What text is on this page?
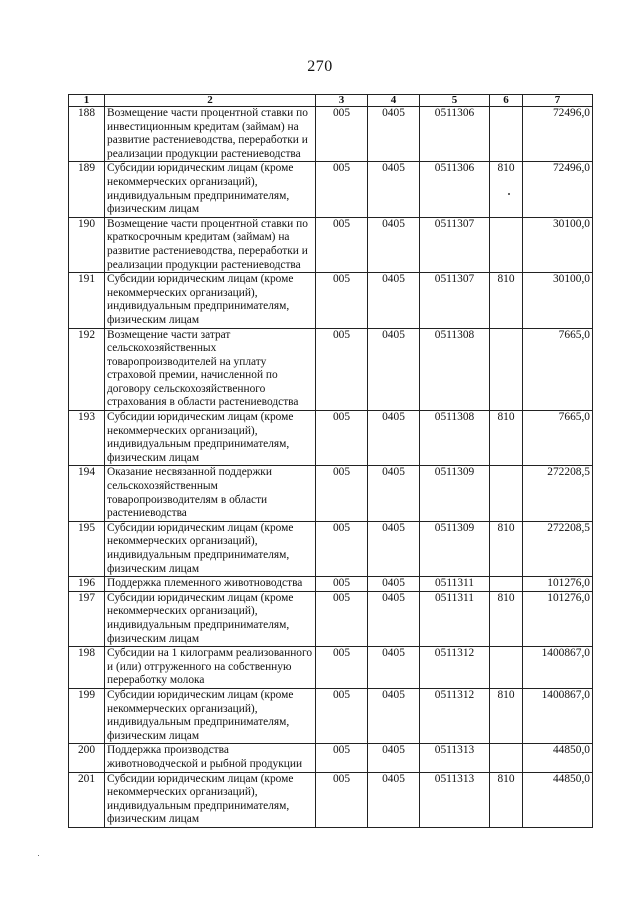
270
1	2	3	4	5	6	7
188	Возмещение части процентной ставки по инвестиционным кредитам (займам) на развитие растениеводства, переработки и реализации продукции растениеводства	005	0405	0511306		72496,0
189	Субсидии юридическим лицам (кроме некоммерческих организаций), индивидуальным предпринимателям, физическим лицам	005	0405	0511306	810	72496,0
190	Возмещение части процентной ставки по краткосрочным кредитам (займам) на развитие растениеводства, переработки и реализации продукции растениеводства	005	0405	0511307		30100,0
191	Субсидии юридическим лицам (кроме некоммерческих организаций), индивидуальным предпринимателям, физическим лицам	005	0405	0511307	810	30100,0
192	Возмещение части затрат сельскохозяйственных товаропроизводителей на уплату страховой премии, начисленной по договору сельскохозяйственного страхования в области растениеводства	005	0405	0511308		7665,0
193	Субсидии юридическим лицам (кроме некоммерческих организаций), индивидуальным предпринимателям, физическим лицам	005	0405	0511308	810	7665,0
194	Оказание несвязанной поддержки сельскохозяйственным товаропроизводителям в области растениеводства	005	0405	0511309		272208,5
195	Субсидии юридическим лицам (кроме некоммерческих организаций), индивидуальным предпринимателям, физическим лицам	005	0405	0511309	810	272208,5
196	Поддержка племенного животноводства	005	0405	0511311		101276,0
197	Субсидии юридическим лицам (кроме некоммерческих организаций), индивидуальным предпринимателям, физическим лицам	005	0405	0511311	810	101276,0
198	Субсидии на 1 килограмм реализованного и (или) отгруженного на собственную переработку молока	005	0405	0511312		1400867,0
199	Субсидии юридическим лицам (кроме некоммерческих организаций), индивидуальным предпринимателям, физическим лицам	005	0405	0511312	810	1400867,0
200	Поддержка производства животноводческой и рыбной продукции	005	0405	0511313		44850,0
201	Субсидии юридическим лицам (кроме некоммерческих организаций), индивидуальным предпринимателям, физическим лицам	005	0405	0511313	810	44850,0
